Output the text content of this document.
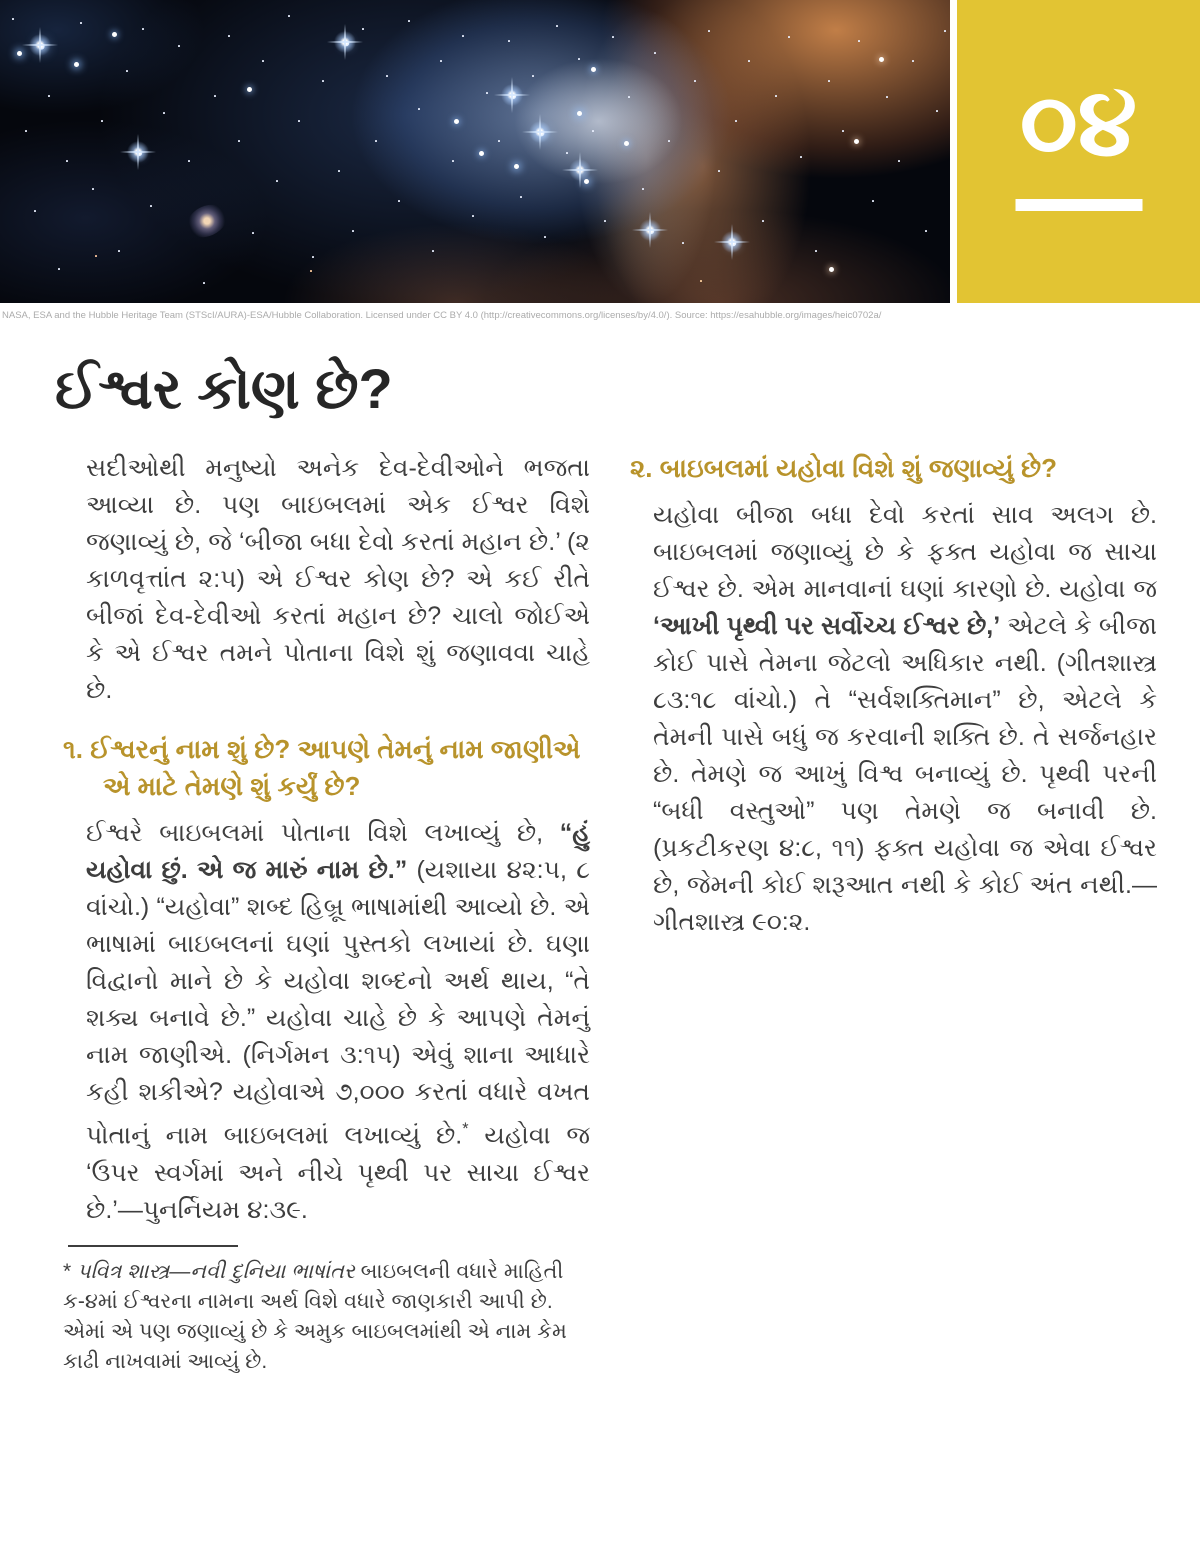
૦૪
NASA, ESA and the Hubble Heritage Team (STScI/AURA)-ESA/Hubble Collaboration. Licensed under CC BY 4.0 (http://creativecommons.org/licenses/by/4.0/). Source: https://esahubble.org/images/heic0702a/
ઈશ્વર કોણ છે?

સદીઓથી મનુષ્યો અનેક દેવ-દેવીઓને ભજતા આવ્યા છે. પણ બાઇબલમાં એક ઈશ્વર વિશે જણાવ્યું છે, જે ‘બીજા બધા દેવો કરતાં મહાન છે.’ (૨ કાળવૃત્તાંત ૨:૫) એ ઈશ્વર કોણ છે? એ કઈ રીતે બીજાં દેવ-દેવીઓ કરતાં મહાન છે? ચાલો જોઈએ કે એ ઈશ્વર તમને પોતાના વિશે શું જણાવવા ચાહે છે.

૧. ઈશ્વરનું નામ શું છે? આપણે તેમનું નામ જાણીએ એ માટે તેમણે શું કર્યું છે?

ઈશ્વરે બાઇબલમાં પોતાના વિશે લખાવ્યું છે, “હું યહોવા છું. એ જ મારું નામ છે.” (યશાયા ૪૨:૫, ૮ વાંચો.) “યહોવા” શબ્દ હિબ્રૂ ભાષામાંથી આવ્યો છે. એ ભાષામાં બાઇબલનાં ઘણાં પુસ્તકો લખાયાં છે. ઘણા વિદ્વાનો માને છે કે યહોવા શબ્દનો અર્થ થાય, “તે શક્ય બનાવે છે.” યહોવા ચાહે છે કે આપણે તેમનું નામ જાણીએ. (નિર્ગમન ૩:૧૫) એવું શાના આધારે કહી શકીએ? યહોવાએ ૭,૦૦૦ કરતાં વધારે વખત પોતાનું નામ બાઇબલમાં લખાવ્યું છે.* યહોવા જ ‘ઉપર સ્વર્ગમાં અને નીચે પૃથ્વી પર સાચા ઈશ્વર છે.’—પુનર્નિયમ ૪:૩૯.

* પવિત્ર શાસ્ત્ર—નવી દુનિયા ભાષાંતર બાઇબલની વધારે માહિતી ક-૪માં ઈશ્વરના નામના અર્થ વિશે વધારે જાણકારી આપી છે. એમાં એ પણ જણાવ્યું છે કે અમુક બાઇબલમાંથી એ નામ કેમ કાઢી નાખવામાં આવ્યું છે.

૨. બાઇબલમાં યહોવા વિશે શું જણાવ્યું છે?

યહોવા બીજા બધા દેવો કરતાં સાવ અલગ છે. બાઇબલમાં જણાવ્યું છે કે ફક્ત યહોવા જ સાચા ઈશ્વર છે. એમ માનવાનાં ઘણાં કારણો છે. યહોવા જ ‘આખી પૃથ્વી પર સર્વોચ્ચ ઈશ્વર છે,’ એટલે કે બીજા કોઈ પાસે તેમના જેટલો અધિકાર નથી. (ગીતશાસ્ત્ર ૮૩:૧૮ વાંચો.) તે “સર્વશક્તિમાન” છે, એટલે કે તેમની પાસે બધું જ કરવાની શક્તિ છે. તે સર્જનહાર છે. તેમણે જ આખું વિશ્વ બનાવ્યું છે. પૃથ્વી પરની “બધી વસ્તુઓ” પણ તેમણે જ બનાવી છે. (પ્રકટીકરણ ૪:૮, ૧૧) ફક્ત યહોવા જ એવા ઈશ્વર છે, જેમની કોઈ શરૂઆત નથી કે કોઈ અંત નથી.—ગીતશાસ્ત્ર ૯૦:૨.
